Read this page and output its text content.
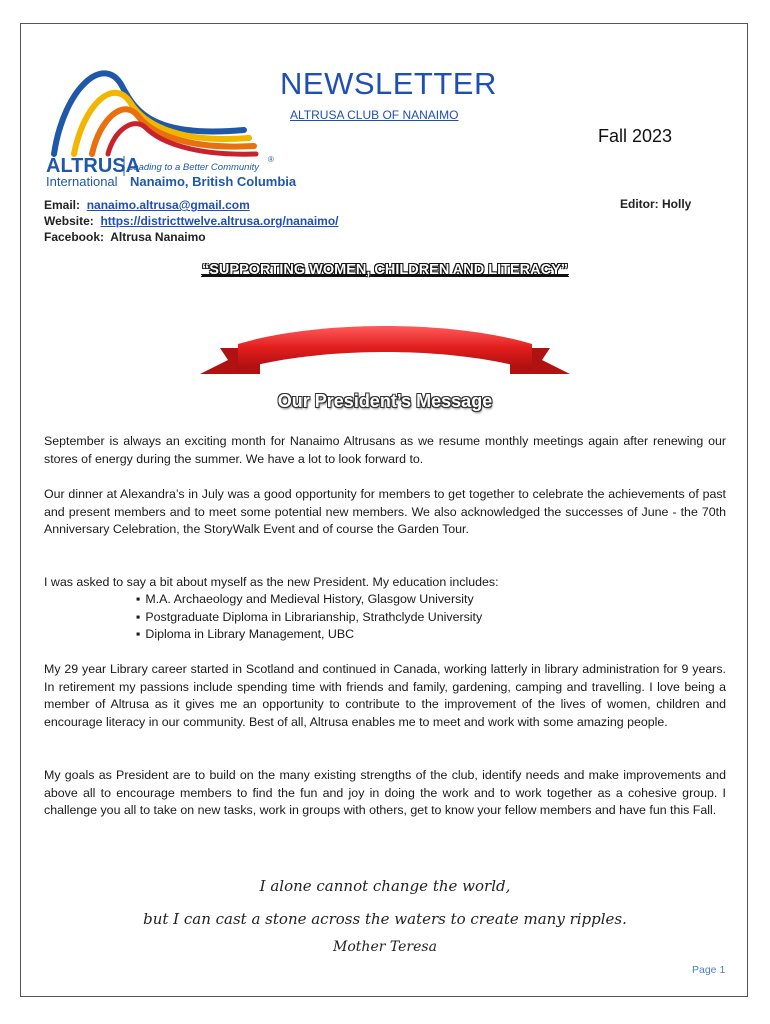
ALTRUSA
Leading to a Better Community
®
International Nanaimo, British Columbia
NEWSLETTER
ALTRUSA CLUB OF NANAIMO
Fall 2023
Email: nanaimo.altrusa@gmail.com
Website: https://districttwelve.altrusa.org/nanaimo/
Facebook: Altrusa Nanaimo
Editor: Holly
“SUPPORTING WOMEN, CHILDREN AND LITERACY”
Our President’s Message
September is always an exciting month for Nanaimo Altrusans as we resume monthly meetings again after renewing our stores of energy during the summer. We have a lot to look forward to.
Our dinner at Alexandra’s in July was a good opportunity for members to get together to celebrate the achievements of past and present members and to meet some potential new members. We also acknowledged the successes of June - the 70th Anniversary Celebration, the StoryWalk Event and of course the Garden Tour.
I was asked to say a bit about myself as the new President. My education includes:
▪ M.A. Archaeology and Medieval History, Glasgow University
▪ Postgraduate Diploma in Librarianship, Strathclyde University
▪ Diploma in Library Management, UBC
My 29 year Library career started in Scotland and continued in Canada, working latterly in library administration for 9 years. In retirement my passions include spending time with friends and family, gardening, camping and travelling. I love being a member of Altrusa as it gives me an opportunity to contribute to the improvement of the lives of women, children and encourage literacy in our community. Best of all, Altrusa enables me to meet and work with some amazing people.
My goals as President are to build on the many existing strengths of the club, identify needs and make improvements and above all to encourage members to find the fun and joy in doing the work and to work together as a cohesive group. I challenge you all to take on new tasks, work in groups with others, get to know your fellow members and have fun this Fall.
I alone cannot change the world,
but I can cast a stone across the waters to create many ripples.
Mother Teresa
Page 1
